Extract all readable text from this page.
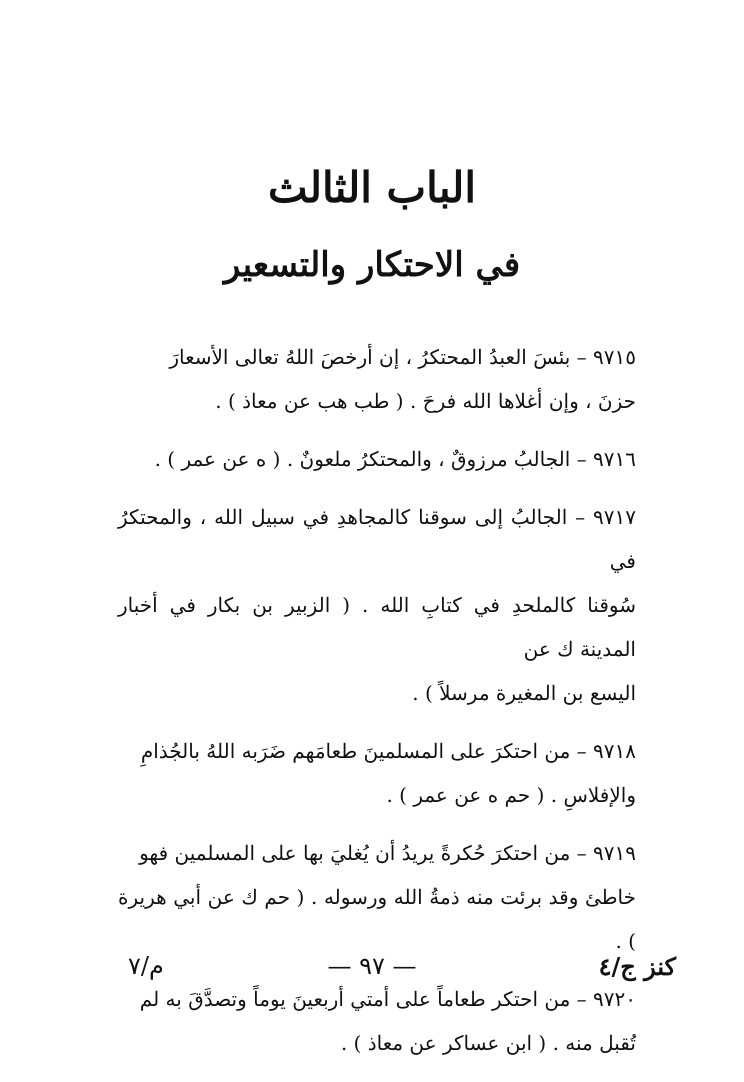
الباب الثالث
في الاحتكار والتسعير

٩٧١٥ – بئسَ العبدُ المحتكرُ ، إن أرخصَ اللهُ تعالى الأسعارَ
حزنَ ، وإن أغلاها الله فرحَ . ( طب هب عن معاذ ) .

٩٧١٦ – الجالبُ مرزوقٌ ، والمحتكرُ ملعونٌ . ( ه عن عمر ) .

٩٧١٧ – الجالبُ إلى سوقنا كالمجاهدِ في سبيل الله ، والمحتكرُ في
سُوقنا كالملحدِ في كتابِ الله . ( الزبير بن بكار في أخبار المدينة ك عن
اليسع بن المغيرة مرسلاً ) .

٩٧١٨ – من احتكرَ على المسلمينَ طعامَهم ضَرَبه اللهُ بالجُذامِ
والإفلاسِ . ( حم ه عن عمر ) .

٩٧١٩ – من احتكرَ حُكرةً يريدُ أن يُغليَ بها على المسلمين فهو
خاطئ وقد برئت منه ذمةُ الله ورسوله . ( حم ك عن أبي هريرة ) .

٩٧٢٠ – من احتكر طعاماً على أمتي أربعينَ يوماً وتصدَّقَ به لم
تُقبل منه . ( ابن عساكر عن معاذ ) .

م/٧	— ٩٧ —	كنز ج/٤
